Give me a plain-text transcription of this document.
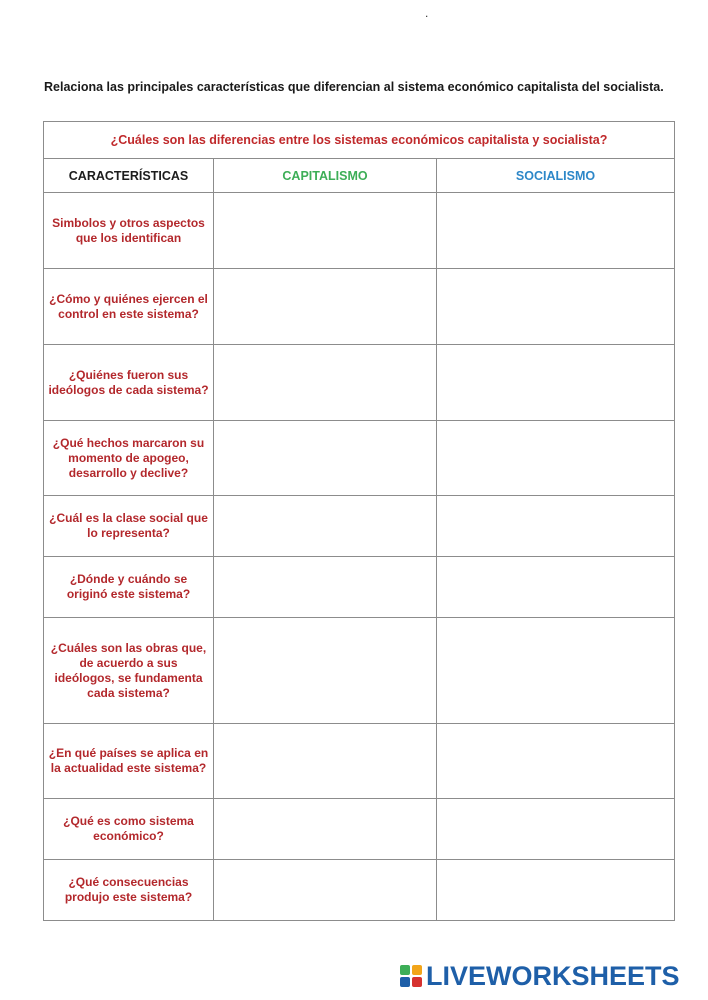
.
Relaciona las principales características que diferencian al sistema económico capitalista del socialista.
¿Cuáles son las diferencias entre los sistemas económicos capitalista y socialista?		
CARACTERÍSTICAS	CAPITALISMO	SOCIALISMO
Simbolos y otros aspectos que los identifican		
¿Cómo y quiénes ejercen el control en este sistema?		
¿Quiénes fueron sus ideólogos de cada sistema?		
¿Qué hechos marcaron su momento de apogeo, desarrollo y declive?		
¿Cuál es la clase social que lo representa?		
¿Dónde y cuándo se originó este sistema?		
¿Cuáles son las obras que, de acuerdo a sus ideólogos, se fundamenta cada sistema?		
¿En qué países se aplica en la actualidad este sistema?		
¿Qué es como sistema económico?		
¿Qué consecuencias produjo este sistema?		
LIVEWORKSHEETS
